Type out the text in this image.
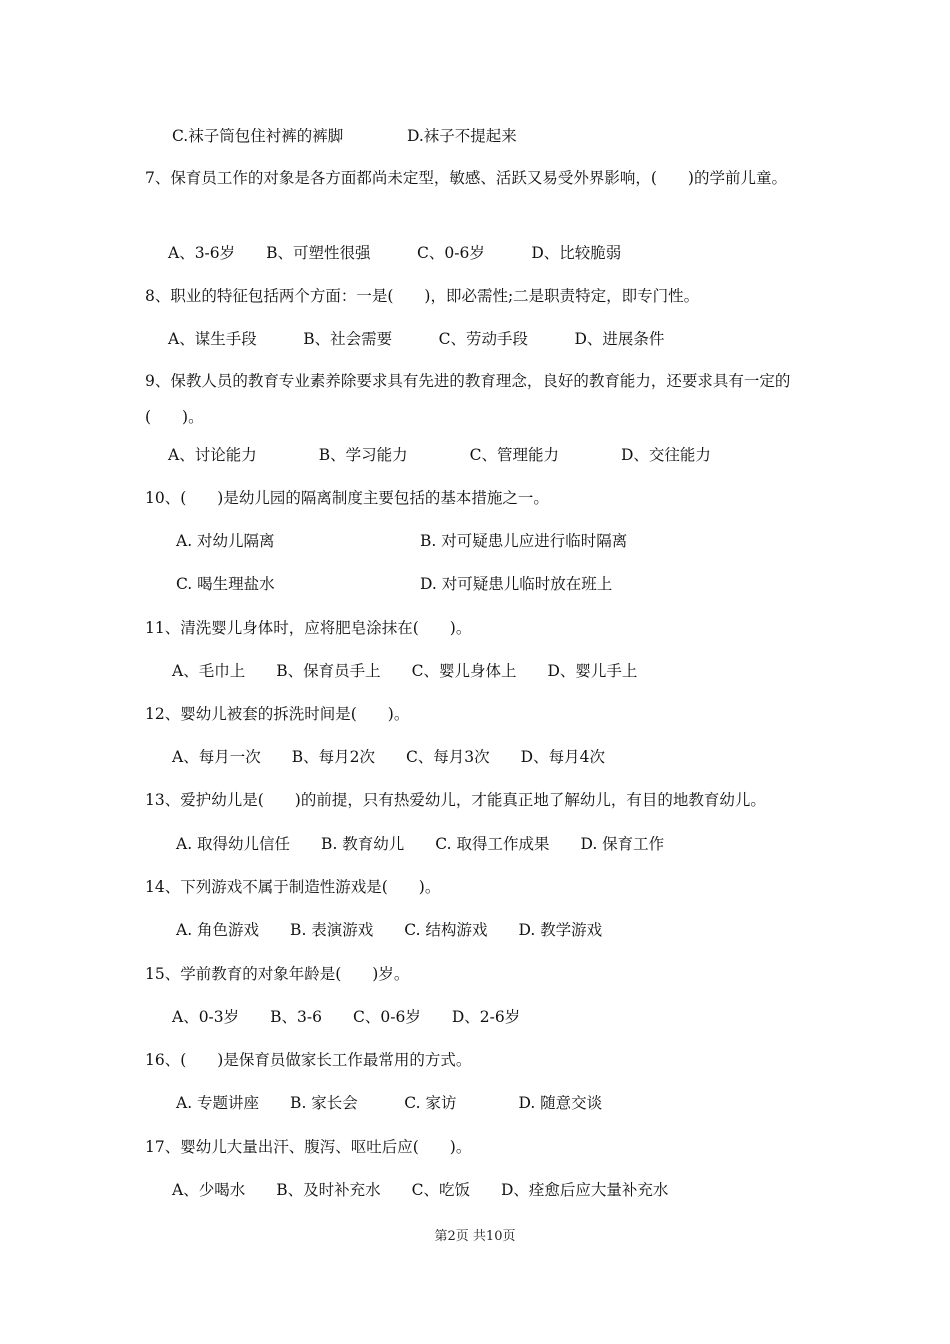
C.袜子筒包住衬裤的裤脚	D.袜子不提起来
7、保育员工作的对象是各方面都尚未定型，敏感、活跃又易受外界影响，(　　)的学前儿童。
A、3-6岁　　B、可塑性很强　　　C、0-6岁　　　D、比较脆弱
8、职业的特征包括两个方面：一是(　　)，即必需性;二是职责特定，即专门性。
A、谋生手段　　　B、社会需要　　　C、劳动手段　　　D、进展条件
9、保教人员的教育专业素养除要求具有先进的教育理念，良好的教育能力，还要求具有一定的(　　)。
A、讨论能力　　　　B、学习能力　　　　C、管理能力　　　　D、交往能力
10、(　　)是幼儿园的隔离制度主要包括的基本措施之一。
A. 对幼儿隔离	B. 对可疑患儿应进行临时隔离
C. 喝生理盐水	D. 对可疑患儿临时放在班上
11、清洗婴儿身体时，应将肥皂涂抹在(　　)。
A、毛巾上　　B、保育员手上　　C、婴儿身体上　　D、婴儿手上
12、婴幼儿被套的拆洗时间是(　　)。
A、每月一次　　B、每月2次　　C、每月3次　　D、每月4次
13、爱护幼儿是(　　)的前提，只有热爱幼儿，才能真正地了解幼儿，有目的地教育幼儿。
A. 取得幼儿信任　　B. 教育幼儿　　C. 取得工作成果　　D. 保育工作
14、下列游戏不属于制造性游戏是(　　)。
A. 角色游戏　　B. 表演游戏　　C. 结构游戏　　D. 教学游戏
15、学前教育的对象年龄是(　　)岁。
A、0-3岁　　B、3-6　　C、0-6岁　　D、2-6岁
16、(　　)是保育员做家长工作最常用的方式。
A. 专题讲座　　B. 家长会　　　C. 家访　　　　D. 随意交谈
17、婴幼儿大量出汗、腹泻、呕吐后应(　　)。
A、少喝水　　B、及时补充水　　C、吃饭　　D、痊愈后应大量补充水
第2页 共10页
